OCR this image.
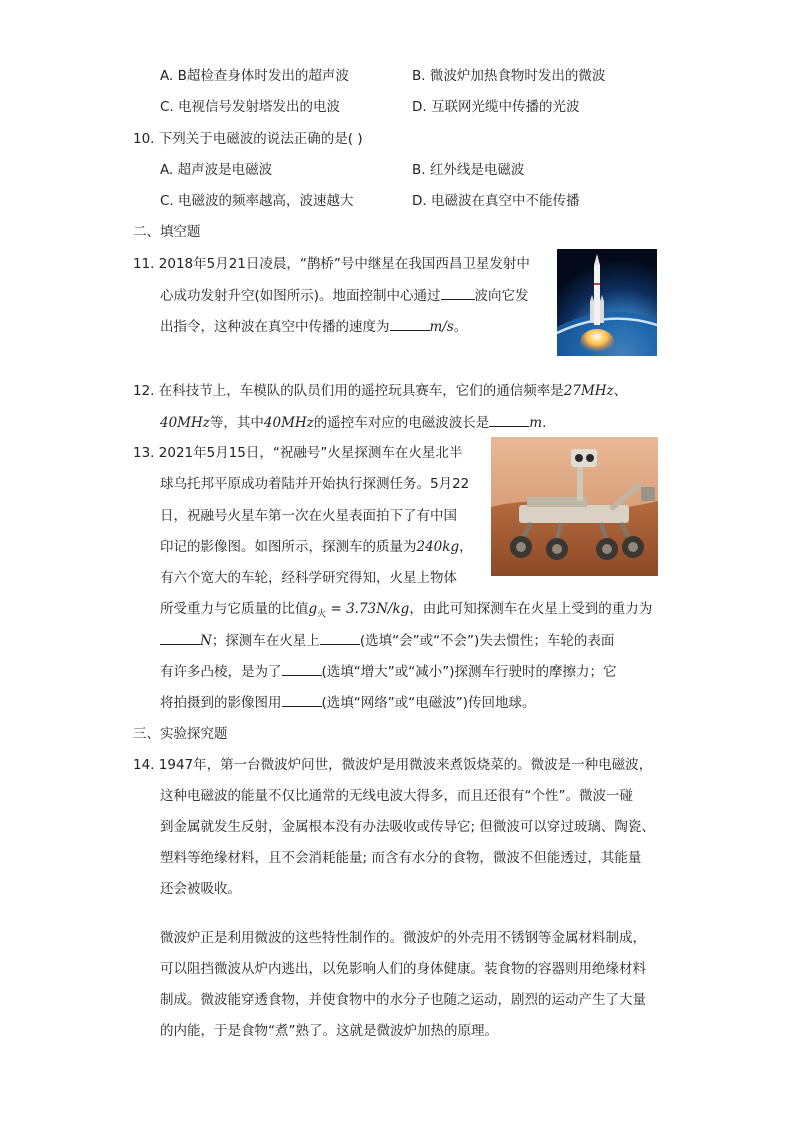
A. B超检查身体时发出的超声波	B. 微波炉加热食物时发出的微波
C. 电视信号发射塔发出的电波	D. 互联网光缆中传播的光波
10. 下列关于电磁波的说法正确的是( )
A. 超声波是电磁波	B. 红外线是电磁波
C. 电磁波的频率越高，波速越大	D. 电磁波在真空中不能传播
二、填空题
11. 2018年5月21日凌晨，“鹊桥”号中继星在我国西昌卫星发射中
心成功发射升空(如图所示)。地面控制中心通过	波向它发
出指令，这种波在真空中传播的速度为	m/s。
12. 在科技节上，车模队的队员们用的遥控玩具赛车，它们的通信频率是27MHz、
40MHz等，其中40MHz的遥控车对应的电磁波波长是	m.
13. 2021年5月15日，“祝融号”火星探测车在火星北半
球乌托邦平原成功着陆并开始执行探测任务。5月22
日，祝融号火星车第一次在火星表面拍下了有中国
印记的影像图。如图所示，探测车的质量为240kg，
有六个宽大的车轮，经科学研究得知，火星上物体
所受重力与它质量的比值$g_火 = 3.73N/kg$，由此可知探测车在火星上受到的重力为
N；探测车在火星上	(选填“会”或“不会”)失去惯性；车轮的表面
有许多凸棱，是为了	(选填“增大”或“减小”)探测车行驶时的摩擦力；它
将拍摄到的影像图用	(选填“网络”或“电磁波”)传回地球。
三、实验探究题
14. 1947年，第一台微波炉问世，微波炉是用微波来煮饭烧菜的。微波是一种电磁波，
这种电磁波的能量不仅比通常的无线电波大得多，而且还很有“个性”。微波一碰
到金属就发生反射，金属根本没有办法吸收或传导它; 但微波可以穿过玻璃、陶瓷、
塑料等绝缘材料，且不会消耗能量; 而含有水分的食物，微波不但能透过，其能量
还会被吸收。
微波炉正是利用微波的这些特性制作的。微波炉的外壳用不锈钢等金属材料制成，
可以阻挡微波从炉内逃出，以免影响人们的身体健康。装食物的容器则用绝缘材料
制成。微波能穿透食物，并使食物中的水分子也随之运动，剧烈的运动产生了大量
的内能，于是食物“煮”熟了。这就是微波炉加热的原理。
